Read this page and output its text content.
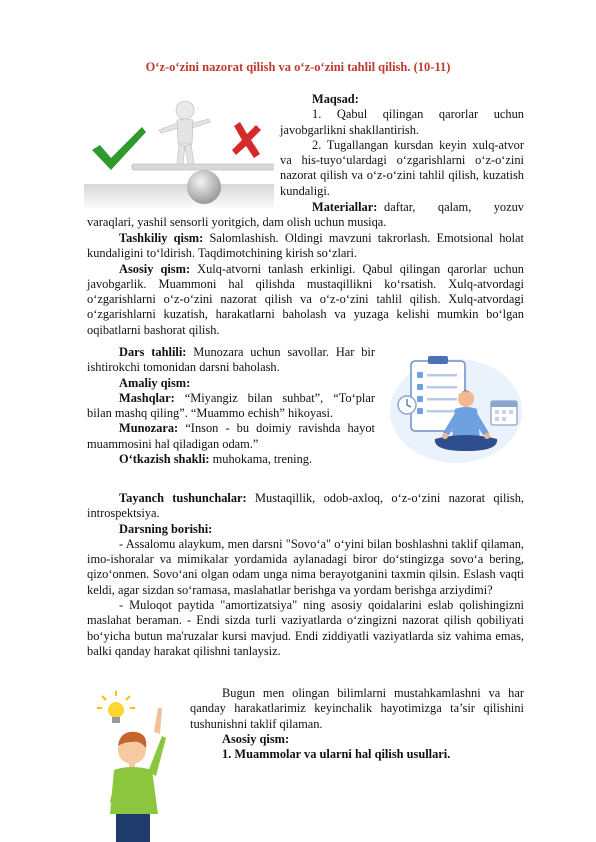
O‘z-o‘zini nazorat qilish va o‘z-o‘zini tahlil qilish. (10-11)
Maqsad:
1. Qabul qilingan qarorlar uchun javobgarlikni shakllantirish.
2. Tugallangan kursdan keyin xulq-atvor va his-tuyo‘ulardagi o‘zgarishlarni o‘z-o‘zini nazorat qilish va o‘z-o‘zini tahlil qilish, kuzatish kundaligi.
Materiallar: daftar, qalam, yozuv varaqlari, yashil sensorli yoritgich, dam olish uchun musiqa.
Tashkiliy qism: Salomlashish. Oldingi mavzuni takrorlash. Emotsional holat kundaligini to‘ldirish. Taqdimotchining kirish so‘zlari.
Asosiy qism: Xulq-atvorni tanlash erkinligi. Qabul qilingan qarorlar uchun javobgarlik. Muammoni hal qilishda mustaqillikni ko‘rsatish. Xulq-atvordagi o‘zgarishlarni o‘z-o‘zini nazorat qilish va o‘z-o‘zini tahlil qilish. Xulq-atvordagi o‘zgarishlarni kuzatish, harakatlarni baholash va yuzaga kelishi mumkin bo‘lgan oqibatlarni bashorat qilish.
Dars tahlili: Munozara uchun savollar. Har bir ishtirokchi tomonidan darsni baholash.
Amaliy qism:
Mashqlar: “Miyangiz bilan suhbat”, “To‘plar bilan mashq qiling”. “Muammo echish” hikoyasi.
Munozara: “Inson - bu doimiy ravishda hayot muammosini hal qiladigan odam.”
O‘tkazish shakli: muhokama, trening.
Tayanch tushunchalar: Mustaqillik, odob-axloq, o‘z-o‘zini nazorat qilish, introspektsiya.
Darsning borishi:
- Assalomu alaykum, men darsni "Sovo‘a" o‘yini bilan boshlashni taklif qilaman, imo-ishoralar va mimikalar yordamida aylanadagi biror do‘stingizga sovo‘a bering, qizo‘onmen. Sovo‘ani olgan odam unga nima berayotganini taxmin qilsin. Eslash vaqti keldi, agar sizdan so‘ramasa, maslahatlar berishga va yordam berishga arziydimi?
- Muloqot paytida "amortizatsiya" ning asosiy qoidalarini eslab qolishingizni maslahat beraman. - Endi sizda turli vaziyatlarda o‘zingizni nazorat qilish qobiliyati bo‘yicha butun ma'ruzalar kursi mavjud. Endi ziddiyatli vaziyatlarda siz vahima emas, balki qanday harakat qilishni tanlaysiz.
Bugun men olingan bilimlarni mustahkamlashni va har qanday harakatlarimiz keyinchalik hayotimizga ta’sir qilishini tushunishni taklif qilaman.
Asosiy qism:
1. Muammolar va ularni hal qilish usullari.
